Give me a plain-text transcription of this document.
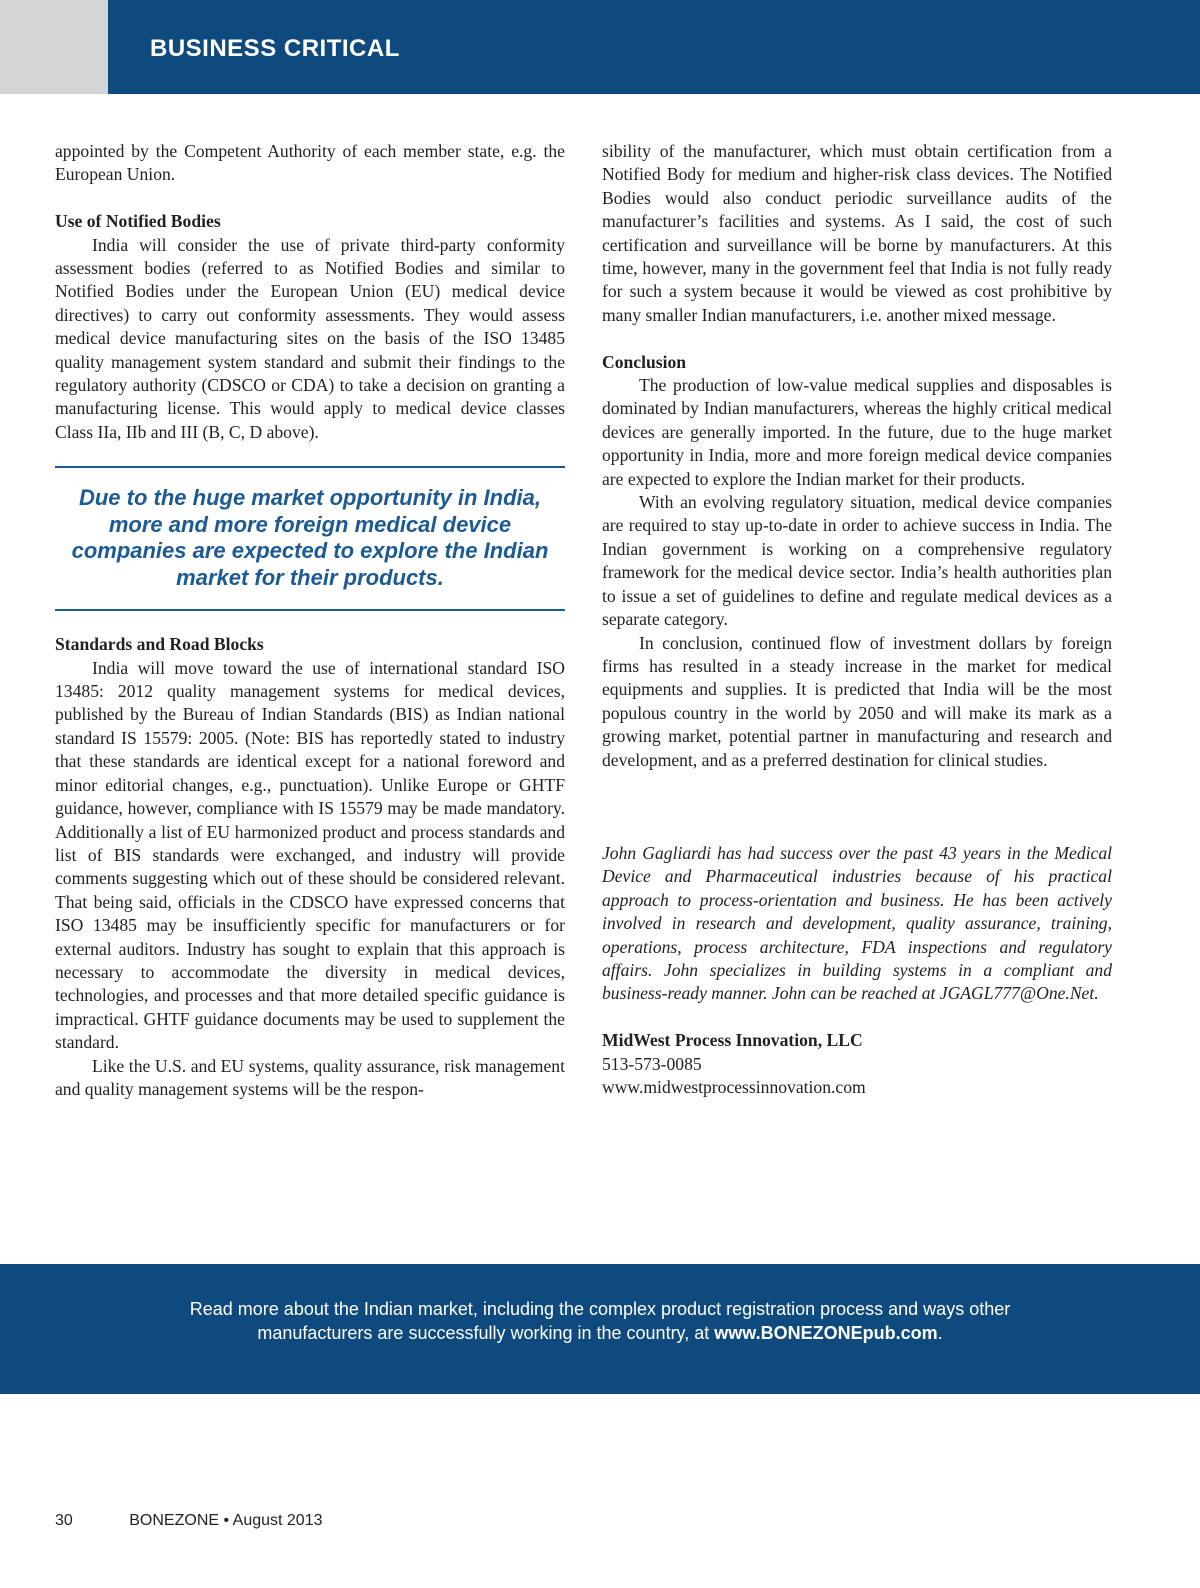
BUSINESS CRITICAL

appointed by the Competent Authority of each member state, e.g. the European Union.

Use of Notified Bodies

India will consider the use of private third-party conformity assessment bodies (referred to as Notified Bodies and similar to Notified Bodies under the European Union (EU) medical device directives) to carry out conformity assessments. They would assess medical device manufacturing sites on the basis of the ISO 13485 quality management system standard and submit their findings to the regulatory authority (CDSCO or CDA) to take a decision on granting a manufacturing license. This would apply to medical device classes Class IIa, IIb and III (B, C, D above).

Due to the huge market opportunity in India, more and more foreign medical device companies are expected to explore the Indian market for their products.
Standards and Road Blocks

India will move toward the use of international standard ISO 13485: 2012 quality management systems for medical devices, published by the Bureau of Indian Standards (BIS) as Indian national standard IS 15579: 2005. (Note: BIS has reportedly stated to industry that these standards are identical except for a national foreword and minor editorial changes, e.g., punctuation). Unlike Europe or GHTF guidance, however, compliance with IS 15579 may be made mandatory. Additionally a list of EU harmonized product and process standards and list of BIS standards were exchanged, and industry will provide comments suggesting which out of these should be considered relevant. That being said, officials in the CDSCO have expressed concerns that ISO 13485 may be insufficiently specific for manufacturers or for external auditors. Industry has sought to explain that this approach is necessary to accommodate the diversity in medical devices, technologies, and processes and that more detailed specific guidance is impractical. GHTF guidance documents may be used to supplement the standard.

Like the U.S. and EU systems, quality assurance, risk management and quality management systems will be the respon-

sibility of the manufacturer, which must obtain certification from a Notified Body for medium and higher-risk class devices. The Notified Bodies would also conduct periodic surveillance audits of the manufacturer’s facilities and systems. As I said, the cost of such certification and surveillance will be borne by manufacturers. At this time, however, many in the government feel that India is not fully ready for such a system because it would be viewed as cost prohibitive by many smaller Indian manufacturers, i.e. another mixed message.

Conclusion

The production of low-value medical supplies and disposables is dominated by Indian manufacturers, whereas the highly critical medical devices are generally imported. In the future, due to the huge market opportunity in India, more and more foreign medical device companies are expected to explore the Indian market for their products.

With an evolving regulatory situation, medical device companies are required to stay up-to-date in order to achieve success in India. The Indian government is working on a comprehensive regulatory framework for the medical device sector. India’s health authorities plan to issue a set of guidelines to define and regulate medical devices as a separate category.

In conclusion, continued flow of investment dollars by foreign firms has resulted in a steady increase in the market for medical equipments and supplies. It is predicted that India will be the most populous country in the world by 2050 and will make its mark as a growing market, potential partner in manufacturing and research and development, and as a preferred destination for clinical studies.

John Gagliardi has had success over the past 43 years in the Medical Device and Pharmaceutical industries because of his practical approach to process-orientation and business. He has been actively involved in research and development, quality assurance, training, operations, process architecture, FDA inspections and regulatory affairs. John specializes in building systems in a compliant and business-ready manner. John can be reached at JGAGL777@One.Net.

MidWest Process Innovation, LLC

513-573-0085

www.midwestprocessinnovation.com

Read more about the Indian market, including the complex product registration process and ways other
manufacturers are successfully working in the country, at www.BONEZONEpub.com.
30	BONEZONE • August 2013
